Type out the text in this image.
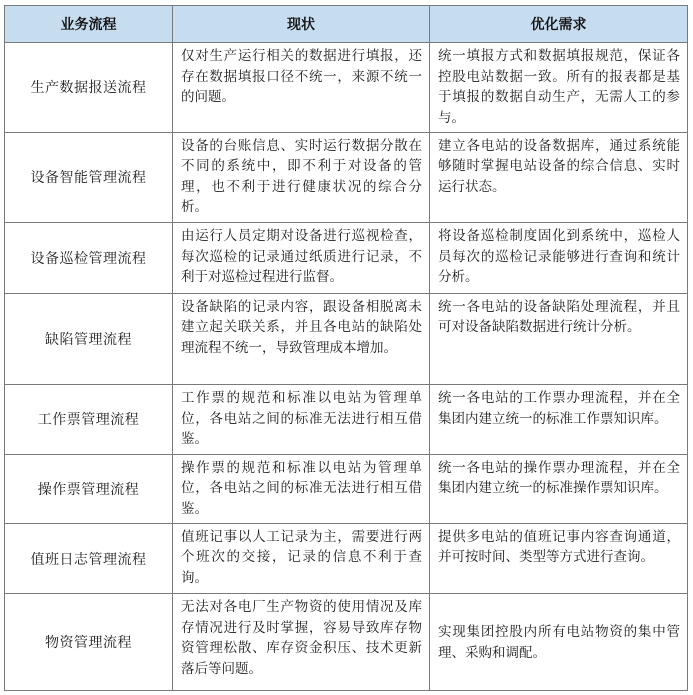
业务流程	现状	优化需求
生产数据报送流程	仅对生产运行相关的数据进行填报，还存在数据填报口径不统一，来源不统一的问题。	统一填报方式和数据填报规范，保证各控股电站数据一致。所有的报表都是基于填报的数据自动生产，无需人工的参与。
设备智能管理流程	设备的台账信息、实时运行数据分散在不同的系统中，即不利于对设备的管理，也不利于进行健康状况的综合分析。	建立各电站的设备数据库，通过系统能够随时掌握电站设备的综合信息、实时运行状态。
设备巡检管理流程	由运行人员定期对设备进行巡视检查，每次巡检的记录通过纸质进行记录，不利于对巡检过程进行监督。	将设备巡检制度固化到系统中，巡检人员每次的巡检记录能够进行查询和统计分析。
缺陷管理流程	设备缺陷的记录内容，跟设备相脱离未建立起关联关系，并且各电站的缺陷处理流程不统一，导致管理成本增加。	统一各电站的设备缺陷处理流程，并且可对设备缺陷数据进行统计分析。
工作票管理流程	工作票的规范和标准以电站为管理单位，各电站之间的标准无法进行相互借鉴。	统一各电站的工作票办理流程，并在全集团内建立统一的标准工作票知识库。
操作票管理流程	操作票的规范和标准以电站为管理单位，各电站之间的标准无法进行相互借鉴。	统一各电站的操作票办理流程，并在全集团内建立统一的标准操作票知识库。
值班日志管理流程	值班记事以人工记录为主，需要进行两个班次的交接，记录的信息不利于查询。	提供多电站的值班记事内容查询通道，并可按时间、类型等方式进行查询。
物资管理流程	无法对各电厂生产物资的使用情况及库存情况进行及时掌握，容易导致库存物资管理松散、库存资金积压、技术更新落后等问题。	实现集团控股内所有电站物资的集中管理、采购和调配。
